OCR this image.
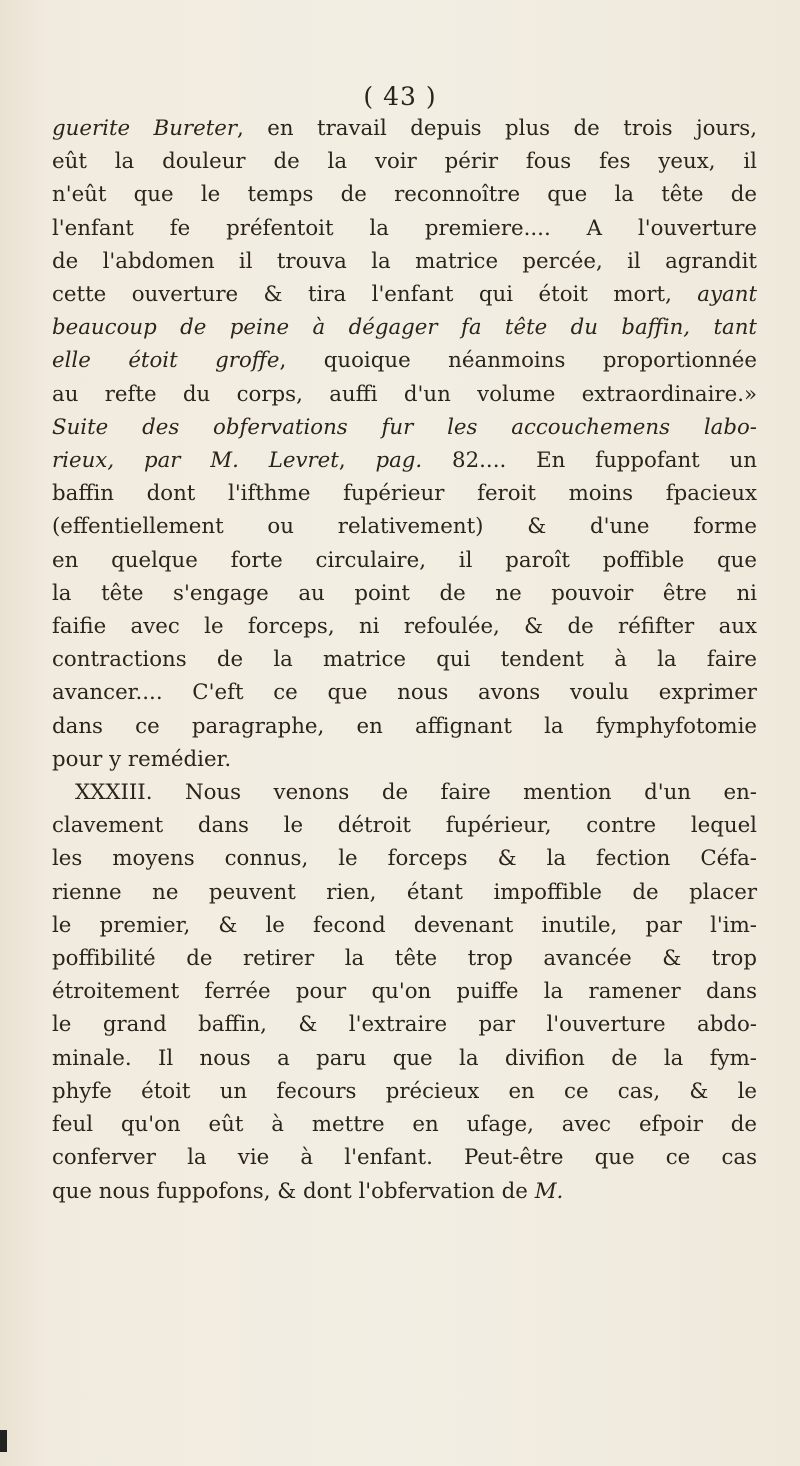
( 43 )
guerite Bureter, en travail depuis plus de trois jours,
eût la douleur de la voir périr fous fes yeux, il
n'eût que le temps de reconnoître que la tête de
l'enfant fe préfentoit la premiere.... A l'ouverture
de l'abdomen il trouva la matrice percée, il agrandit
cette ouverture & tira l'enfant qui étoit mort, ayant
beaucoup de peine à dégager fa tête du baffin, tant
elle étoit groffe, quoique néanmoins proportionnée
au refte du corps, auffi d'un volume extraordinaire.»
Suite des obfervations fur les accouchemens labo-
rieux, par M. Levret, pag. 82.... En fuppofant un
baffin dont l'ifthme fupérieur feroit moins fpacieux
(effentiellement ou relativement) & d'une forme
en quelque forte circulaire, il paroît poffible que
la tête s'engage au point de ne pouvoir être ni
faifie avec le forceps, ni refoulée, & de réfifter aux
contractions de la matrice qui tendent à la faire
avancer.... C'eft ce que nous avons voulu exprimer
dans ce paragraphe, en affignant la fymphyfotomie
pour y remédier.
XXXIII. Nous venons de faire mention d'un en-
clavement dans le détroit fupérieur, contre lequel
les moyens connus, le forceps & la fection Céfa-
rienne ne peuvent rien, étant impoffible de placer
le premier, & le fecond devenant inutile, par l'im-
poffibilité de retirer la tête trop avancée & trop
étroitement ferrée pour qu'on puiffe la ramener dans
le grand baffin, & l'extraire par l'ouverture abdo-
minale. Il nous a paru que la divifion de la fym-
phyfe étoit un fecours précieux en ce cas, & le
feul qu'on eût à mettre en ufage, avec efpoir de
conferver la vie à l'enfant. Peut-être que ce cas
que nous fuppofons, & dont l'obfervation de M.
